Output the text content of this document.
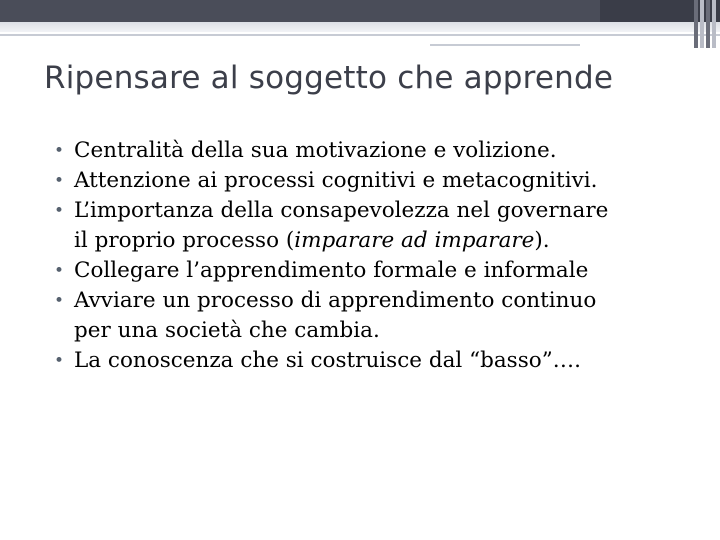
Ripensare al soggetto che apprende
• Centralità della sua motivazione e volizione.
• Attenzione ai processi cognitivi e metacognitivi.
• L’importanza della consapevolezza nel governare
il proprio processo (imparare ad imparare).
• Collegare l’apprendimento formale e informale
• Avviare un processo di apprendimento continuo
per una società che cambia.
• La conoscenza che si costruisce dal “basso”….
